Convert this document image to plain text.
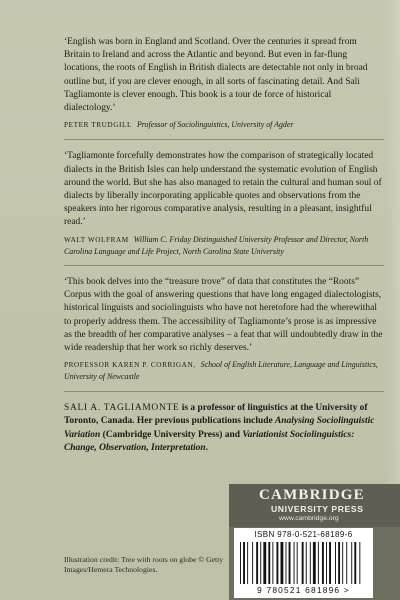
‘English was born in England and Scotland. Over the centuries it spread from Britain to Ireland and across the Atlantic and beyond. But even in far-flung locations, the roots of English in British dialects are detectable not only in broad outline but, if you are clever enough, in all sorts of fascinating detail. And Sali Tagliamonte is clever enough. This book is a tour de force of historical dialectology.’

PETER TRUDGILL Professor of Sociolinguistics, University of Agder

‘Tagliamonte forcefully demonstrates how the comparison of strategically located dialects in the British Isles can help understand the systematic evolution of English around the world. But she has also managed to retain the cultural and human soul of dialects by liberally incorporating applicable quotes and observations from the speakers into her rigorous comparative analysis, resulting in a pleasant, insightful read.’

WALT WOLFRAM William C. Friday Distinguished University Professor and Director, North Carolina Language and Life Project, North Carolina State University

‘This book delves into the “treasure trove” of data that constitutes the “Roots” Corpus with the goal of answering questions that have long engaged dialectologists, historical linguists and sociolinguists who have not heretofore had the wherewithal to properly address them. The accessibility of Tagliamonte’s prose is as impressive as the breadth of her comparative analyses – a feat that will undoubtedly draw in the wide readership that her work so richly deserves.’

PROFESSOR KAREN P. CORRIGAN, School of English Literature, Language and Linguistics, University of Newcastle

SALI A. TAGLIAMONTE is a professor of linguistics at the University of Toronto, Canada. Her previous publications include Analysing Sociolinguistic Variation (Cambridge University Press) and Variationist Sociolinguistics: Change, Observation, Interpretation.

Illustration credit: Tree with roots on globe © Getty Images/Hemera Technologies.
CAMBRIDGE
UNIVERSITY PRESS
www.cambridge.org
ISBN 978-0-521-68189-6
9 780521 681896 >
